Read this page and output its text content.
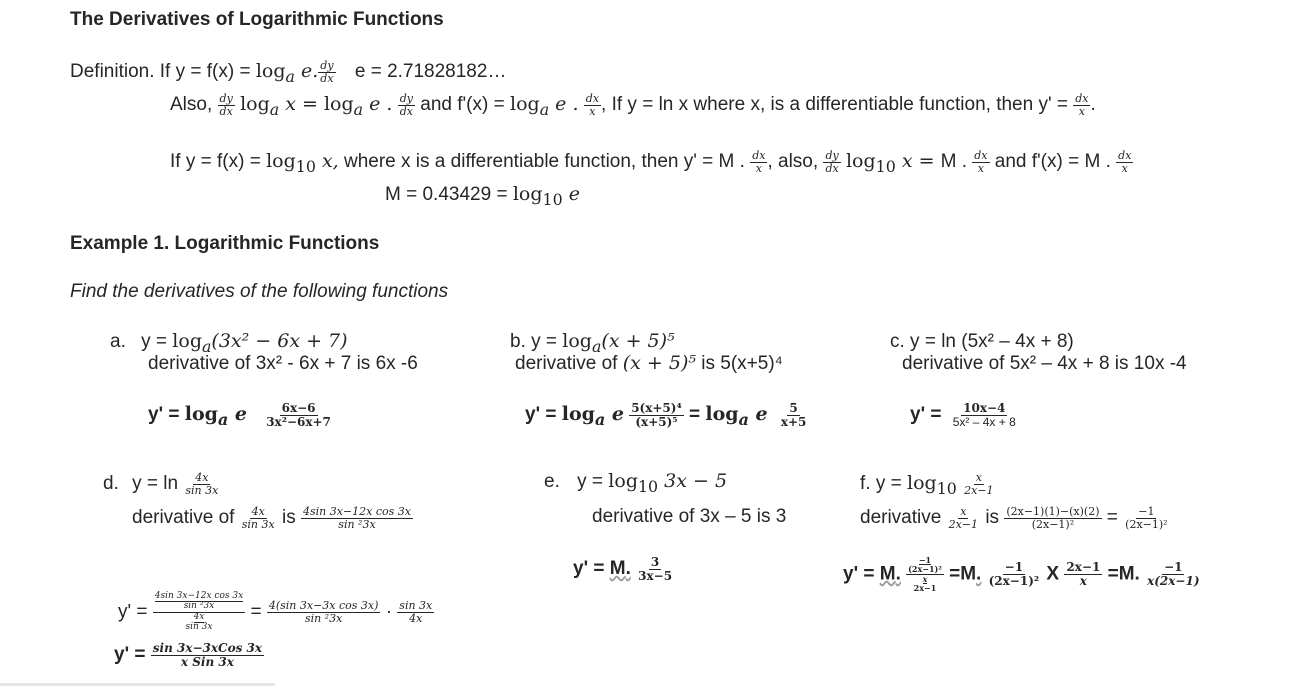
The Derivatives of Logarithmic Functions
Definition. If $y = f(x) = \log_a e$. $\frac{dy}{dx}$ e = 2.71828182…
Also, $\frac{dy}{dx} \log_a x = \log_a e$ . $\frac{dy}{dx}$ and $f'(x) = \log_a e$ . $\frac{dx}{x}$ , If y = ln x where x, is a differentiable function, then $y' = \frac{dx}{x}$ .
If $y = f(x) = \log_{10} x$, where x is a differentiable function, then y' = M . $\frac{dx}{x}$ , also, $\frac{dy}{dx} \log_{10} x = M$ . $\frac{dx}{x}$ and f'(x) = M . $\frac{dx}{x}$
$M = 0.43429 = \log_{10} e$
Example 1. Logarithmic Functions
Find the derivatives of the following functions
a. $y = \log_a(3x^2 - 6x + 7)$
derivative of 3x² - 6x + 7 is 6x -6
$y' = \log_a e \frac{6x-6}{\text{3x²−6x+7}}$
b. $y = \log_a(x + 5)^5$
derivative of (x + 5)⁵ is 5(x+5)⁴
$y' = \log_a e \frac{\text{5(x+5)⁴}}{\text{(x+5)⁵}} = \log_a e \frac{5}{x+5}$
c. y = ln (5x² – 4x + 8)
derivative of 5x² – 4x + 8 is 10x -4
$y' = \frac{10x-4}{\text{5x² – 4x + 8}}$
d. $y = \ln \frac{4x}{\sin 3x}$
derivative of $\frac{4x}{\sin 3x}$ is $\frac{\text{4sin 3x−12x cos 3x}}{\text{sin ²3x}}$
y' = 4sin 3x−12x cos 3x
sin ²3x
4x
$\sin 3x = \frac{\text{4(sin 3x−3x cos 3x)}}{\text{sin ²3x}} \cdot \frac{\sin 3x}{4x}$
$y' = \frac{\text{sin 3x−3xCos 3x}}{\text{x Sin 3x}}$
e. $y = \log_{10} 3x - 5$
derivative of 3x – 5 is 3
y' = M. $\frac{3}{3x-5}$
f. $y = \log_{10} \frac{x}{2x-1}$
derivative $\frac{x}{2x-1}$ is $\frac{(2x-1)(1)-(x)(2)}{\text{(2x−1)²}} = \frac{-1}{\text{(2x−1)²}}$
y' = M. −1
(2x−1)²
x
2x−1 =M. $\frac{-1}{\text{(2x−1)²}}$ X $\frac{2x-1}{x} =M$. $\frac{-1}{x(2x-1)}$
